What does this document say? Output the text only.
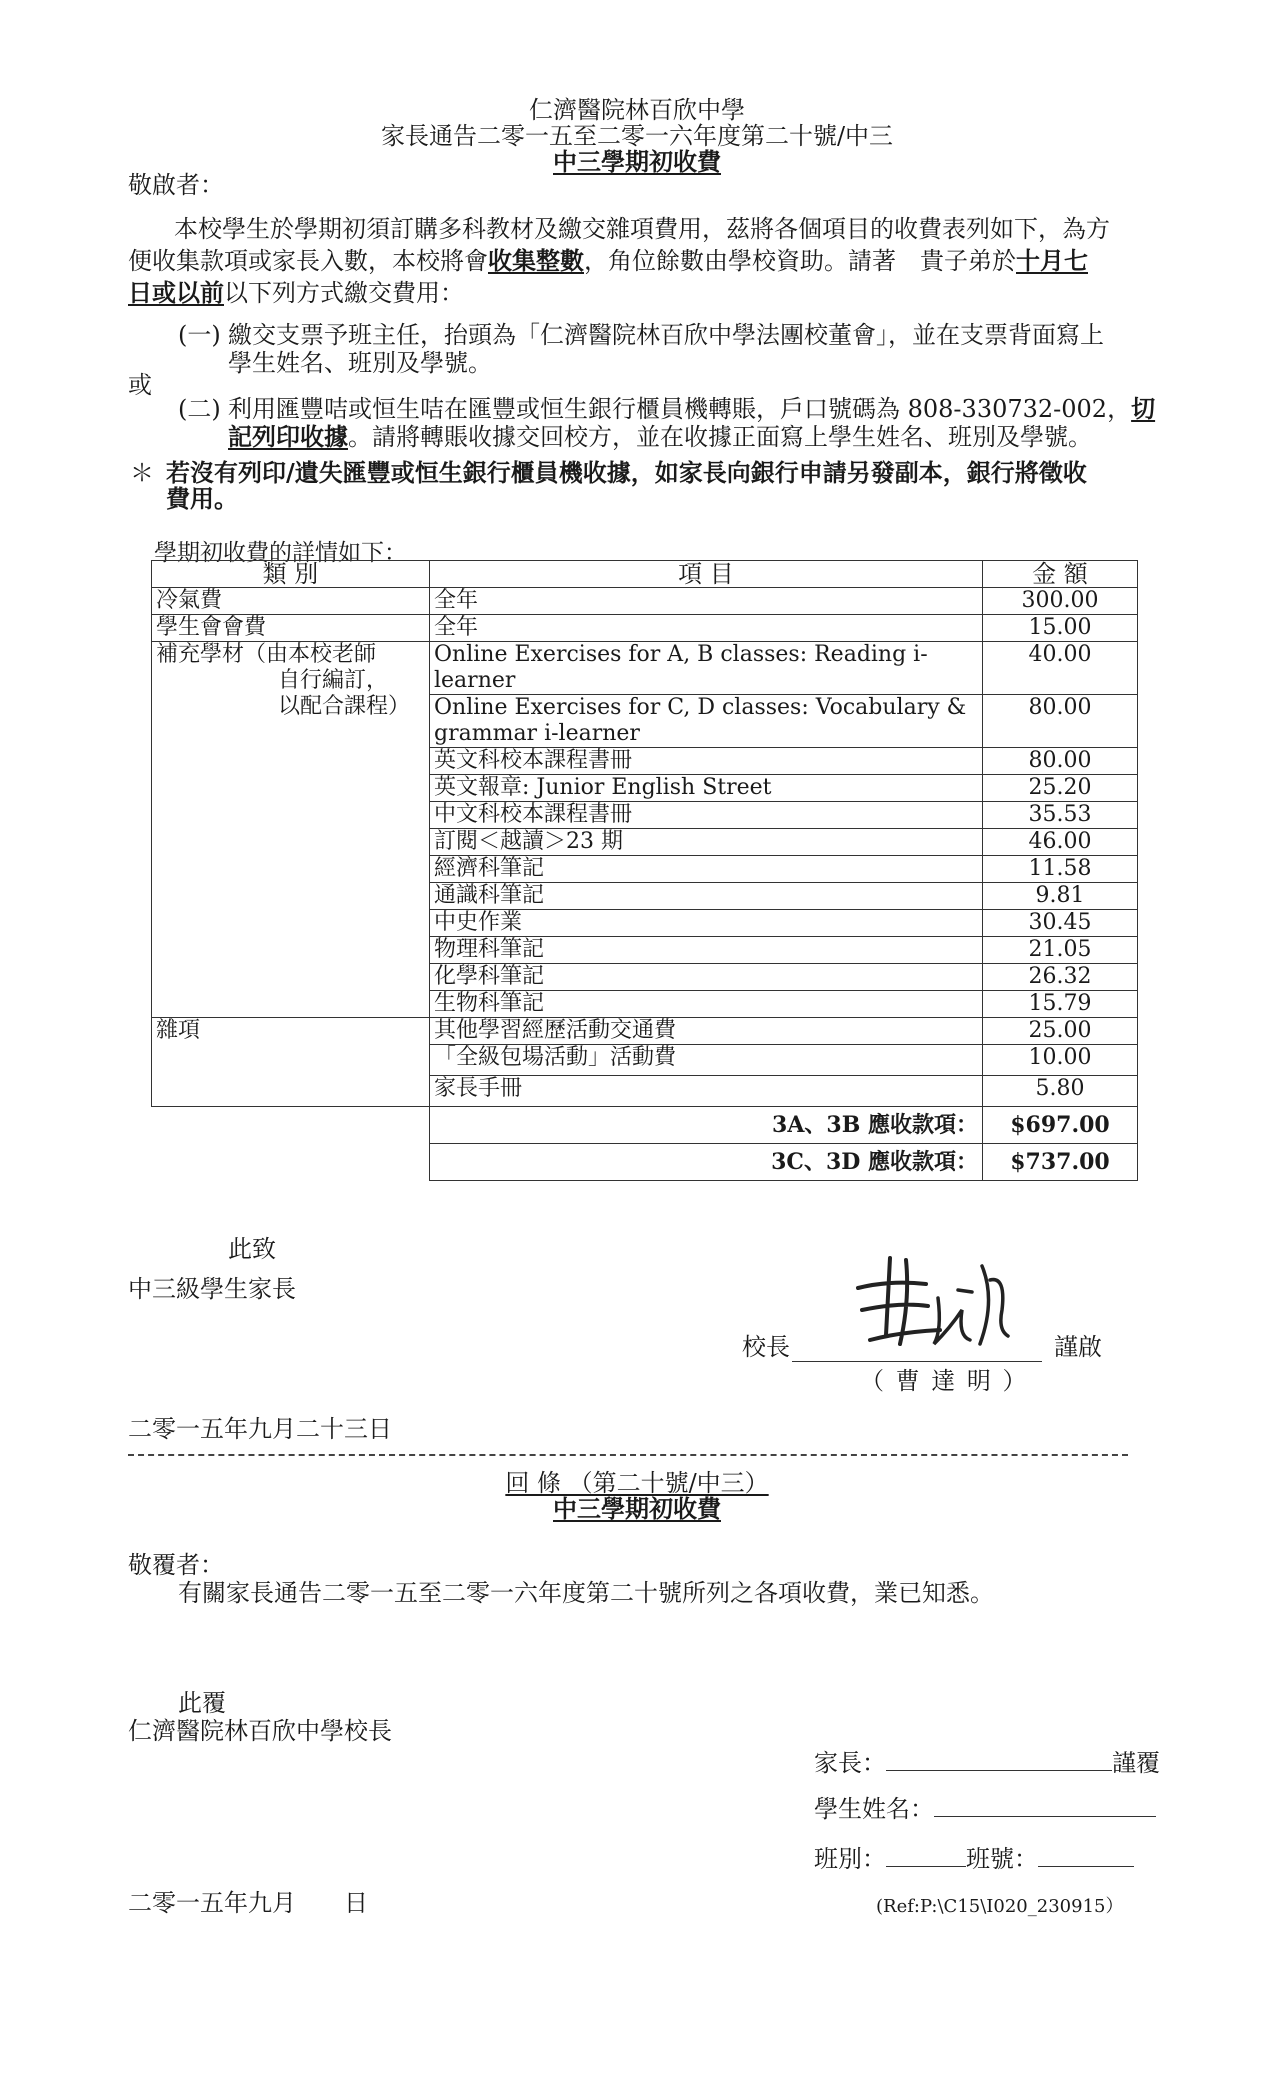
仁濟醫院林百欣中學
家長通告二零一五至二零一六年度第二十號/中三
中三學期初收費
敬啟者：
本校學生於學期初須訂購多科教材及繳交雜項費用，茲將各個項目的收費表列如下，為方
便收集款項或家長入數，本校將會收集整數，角位餘數由學校資助。請著　貴子弟於十月七
日或以前以下列方式繳交費用：
(一) 繳交支票予班主任，抬頭為「仁濟醫院林百欣中學法團校董會」，並在支票背面寫上
學生姓名、班別及學號。
或
(二) 利用匯豐咭或恒生咭在匯豐或恒生銀行櫃員機轉賬，戶口號碼為 808-330732-002，切
記列印收據。請將轉賬收據交回校方，並在收據正面寫上學生姓名、班別及學號。
＊ 若沒有列印/遺失匯豐或恒生銀行櫃員機收據，如家長向銀行申請另發副本，銀行將徵收
費用。
學期初收費的詳情如下：
類 別	項 目	金 額
冷氣費	全年	300.00
學生會會費	全年	15.00

補充學材（由本校老師
自行編訂，
以配合課程）	Online Exercises for A, B classes: Reading i-learner	40.00
	Online Exercises for C, D classes: Vocabulary & grammar i-learner	80.00
	英文科校本課程書冊	80.00
	英文報章: Junior English Street	25.20
	中文科校本課程書冊	35.53
	訂閱＜越讀＞23 期	46.00
	經濟科筆記	11.58
	通識科筆記	9.81
	中史作業	30.45
	物理科筆記	21.05
	化學科筆記	26.32
	生物科筆記	15.79
雜項	其他學習經歷活動交通費	25.00
	「全級包場活動」活動費	10.00
	家長手冊	5.80
	3A、3B 應收款項：	$697.00
	3C、3D 應收款項：	$737.00
此致
中三級學生家長
校長	謹啟
（ 曹 達 明 ）
二零一五年九月二十三日
回 條 （第二十號/中三）
中三學期初收費
敬覆者：
有關家長通告二零一五至二零一六年度第二十號所列之各項收費，業已知悉。
此覆
仁濟醫院林百欣中學校長
家長：	謹覆
學生姓名：
班別：	班號：
二零一五年九月　　日	(Ref:P:\C15\I020_230915）
